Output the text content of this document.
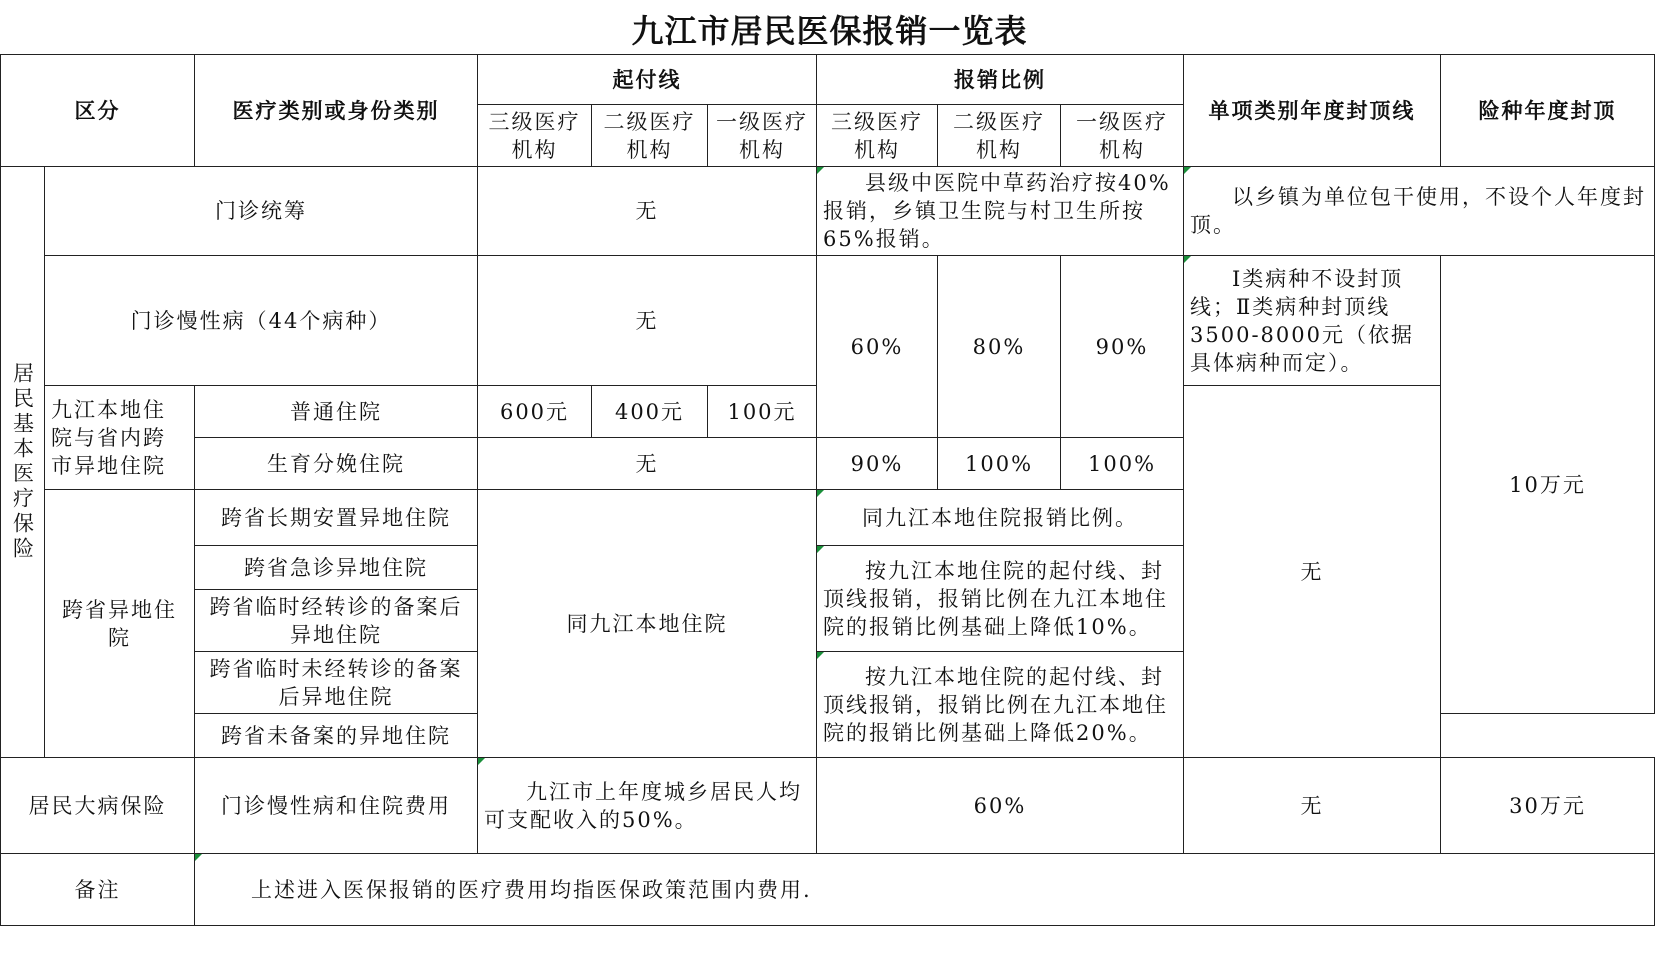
九江市居民医保报销一览表
区分		医疗类别或身份类别	起付线			报销比例			单项类别年度封顶线	险种年度封顶
			三级医疗机构	二级医疗机构	一级医疗机构	三级医疗机构	二级医疗机构	一级医疗机构		
居民基本医疗保险	门诊统筹		无			县级中医院中草药治疗按40%报销，乡镇卫生院与村卫生所按65%报销。			以乡镇为单位包干使用，不设个人年度封顶。	
	门诊慢性病（44个病种）		无			60%	80%	90%	Ⅰ类病种不设封顶线；Ⅱ类病种封顶线3500-8000元（依据具体病种而定）。	10万元
	九江本地住院与省内跨市异地住院	普通住院	600元	400元	100元				无	
		生育分娩住院	无			90%	100%	100%		
	跨省异地住院	跨省长期安置异地住院	同九江本地住院			同九江本地住院报销比例。				
		跨省急诊异地住院				按九江本地住院的起付线、封顶线报销，报销比例在九江本地住院的报销比例基础上降低10%。				
		跨省临时经转诊的备案后异地住院								
		跨省临时未经转诊的备案后异地住院				按九江本地住院的起付线、封顶线报销，报销比例在九江本地住院的报销比例基础上降低20%。				
		跨省未备案的异地住院								
居民大病保险		门诊慢性病和住院费用	九江市上年度城乡居民人均可支配收入的50%。			60%			无	30万元
备注		上述进入医保报销的医疗费用均指医保政策范围内费用.								
